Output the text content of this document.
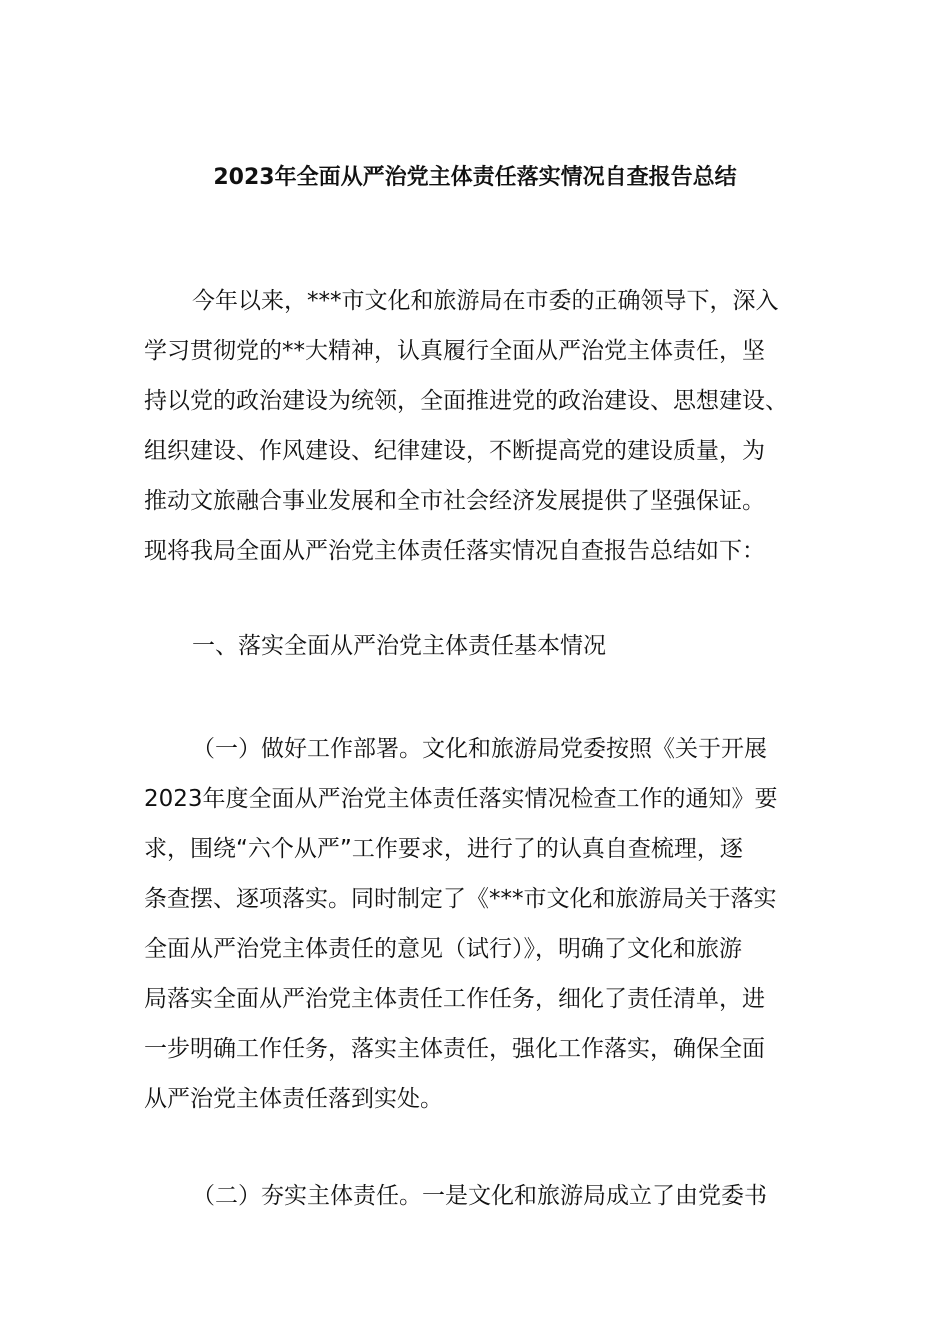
2023年全面从严治党主体责任落实情况自查报告总结
今年以来，***市文化和旅游局在市委的正确领导下，深入
学习贯彻党的**大精神，认真履行全面从严治党主体责任，坚
持以党的政治建设为统领，全面推进党的政治建设、思想建设、
组织建设、作风建设、纪律建设，不断提高党的建设质量，为
推动文旅融合事业发展和全市社会经济发展提供了坚强保证。
现将我局全面从严治党主体责任落实情况自查报告总结如下：
一、落实全面从严治党主体责任基本情况
（一）做好工作部署。文化和旅游局党委按照《关于开展
2023年度全面从严治党主体责任落实情况检查工作的通知》要
求，围绕“六个从严”工作要求，进行了的认真自查梳理，逐
条查摆、逐项落实。同时制定了《***市文化和旅游局关于落实
全面从严治党主体责任的意见（试行）》，明确了文化和旅游
局落实全面从严治党主体责任工作任务，细化了责任清单，进
一步明确工作任务，落实主体责任，强化工作落实，确保全面
从严治党主体责任落到实处。
（二）夯实主体责任。一是文化和旅游局成立了由党委书
